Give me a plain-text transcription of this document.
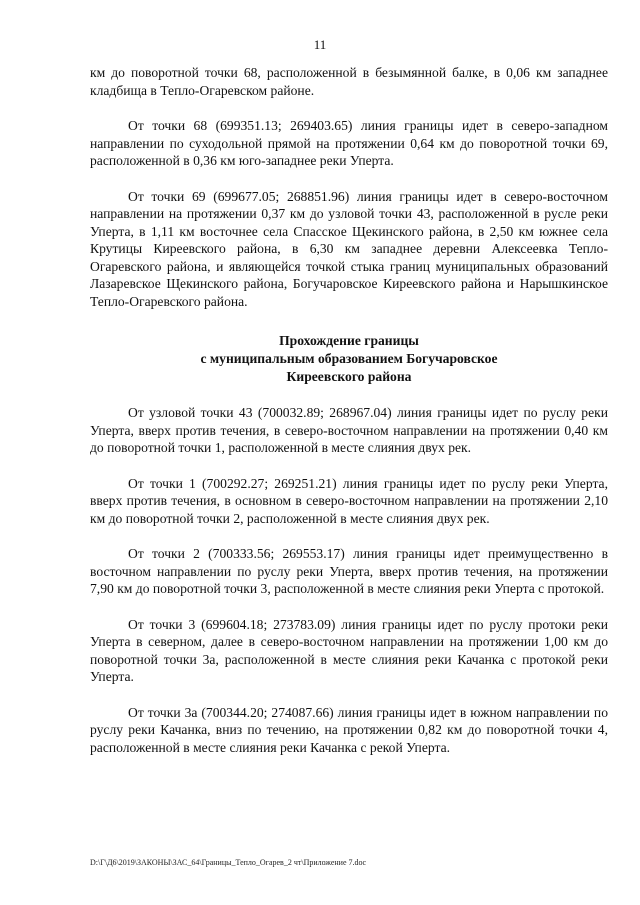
11

км до поворотной точки 68, расположенной в безымянной балке, в 0,06 км западнее кладбища в Тепло-Огаревском районе.

От точки 68 (699351.13; 269403.65) линия границы идет в северо-западном направлении по суходольной прямой на протяжении 0,64 км до поворотной точки 69, расположенной в 0,36 км юго-западнее реки Уперта.

От точки 69 (699677.05; 268851.96) линия границы идет в северо-восточном направлении на протяжении 0,37 км до узловой точки 43, расположенной в русле реки Уперта, в 1,11 км восточнее села Спасское Щекинского района, в 2,50 км южнее села Крутицы Киреевского района, в 6,30 км западнее деревни Алексеевка Тепло-Огаревского района, и являющейся точкой стыка границ муниципальных образований Лазаревское Щекинского района, Богучаровское Киреевского района и Нарышкинское Тепло-Огаревского района.

Прохождение границы
с муниципальным образованием Богучаровское
Киреевского района

От узловой точки 43 (700032.89; 268967.04) линия границы идет по руслу реки Уперта, вверх против течения, в северо-восточном направлении на протяжении 0,40 км до поворотной точки 1, расположенной в месте слияния двух рек.

От точки 1 (700292.27; 269251.21) линия границы идет по руслу реки Уперта, вверх против течения, в основном в северо-восточном направлении на протяжении 2,10 км до поворотной точки 2, расположенной в месте слияния двух рек.

От точки 2 (700333.56; 269553.17) линия границы идет преимущественно в восточном направлении по руслу реки Уперта, вверх против течения, на протяжении 7,90 км до поворотной точки 3, расположенной в месте слияния реки Уперта с протокой.

От точки 3 (699604.18; 273783.09) линия границы идет по руслу протоки реки Уперта в северном, далее в северо-восточном направлении на протяжении 1,00 км до поворотной точки 3а, расположенной в месте слияния реки Качанка с протокой реки Уперта.

От точки 3а (700344.20; 274087.66) линия границы идет в южном направлении по руслу реки Качанка, вниз по течению, на протяжении 0,82 км до поворотной точки 4, расположенной в месте слияния реки Качанка с рекой Уперта.

D:\Г\Д6\2019\ЗАКОНЫ\ЗАС_64\Границы_Тепло_Огарев_2 чт\Приложение 7.doc
